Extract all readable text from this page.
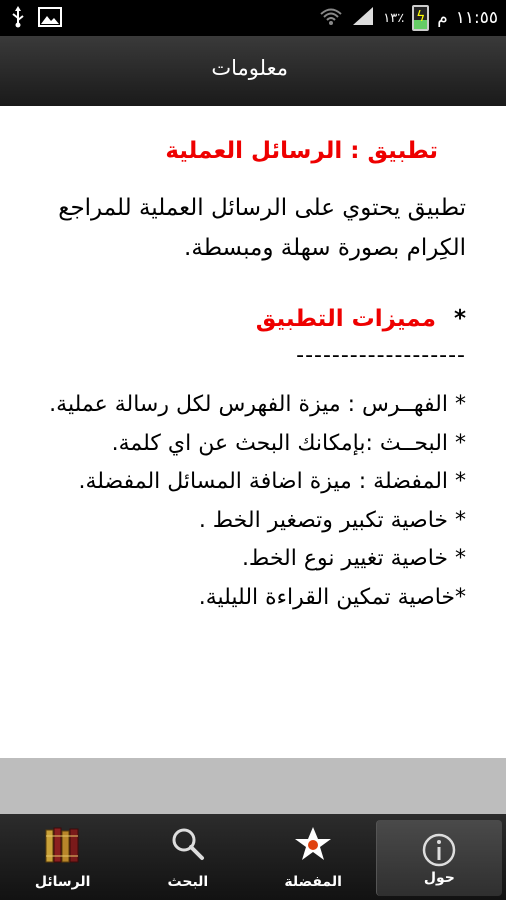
١٣٪ ϟ م ١١:٥٥
معلومات
تطبيق : الرسائل العملية
تطبيق يحتوي على الرسائل العملية للمراجع الكِرام بصورة سهلة ومبسطة.
* مميزات التطبيق
-------------------
* الفهــرس : ميزة الفهرس لكل رسالة عملية.
* البحــث :بإمكانك البحث عن اي كلمة.
* المفضلة : ميزة اضافة المسائل المفضلة.
* خاصية تكبير وتصغير الخط .
* خاصية تغيير نوع الخط.
*خاصية تمكين القراءة الليلية.
الرسائل	البحث	المفضلة	حول
